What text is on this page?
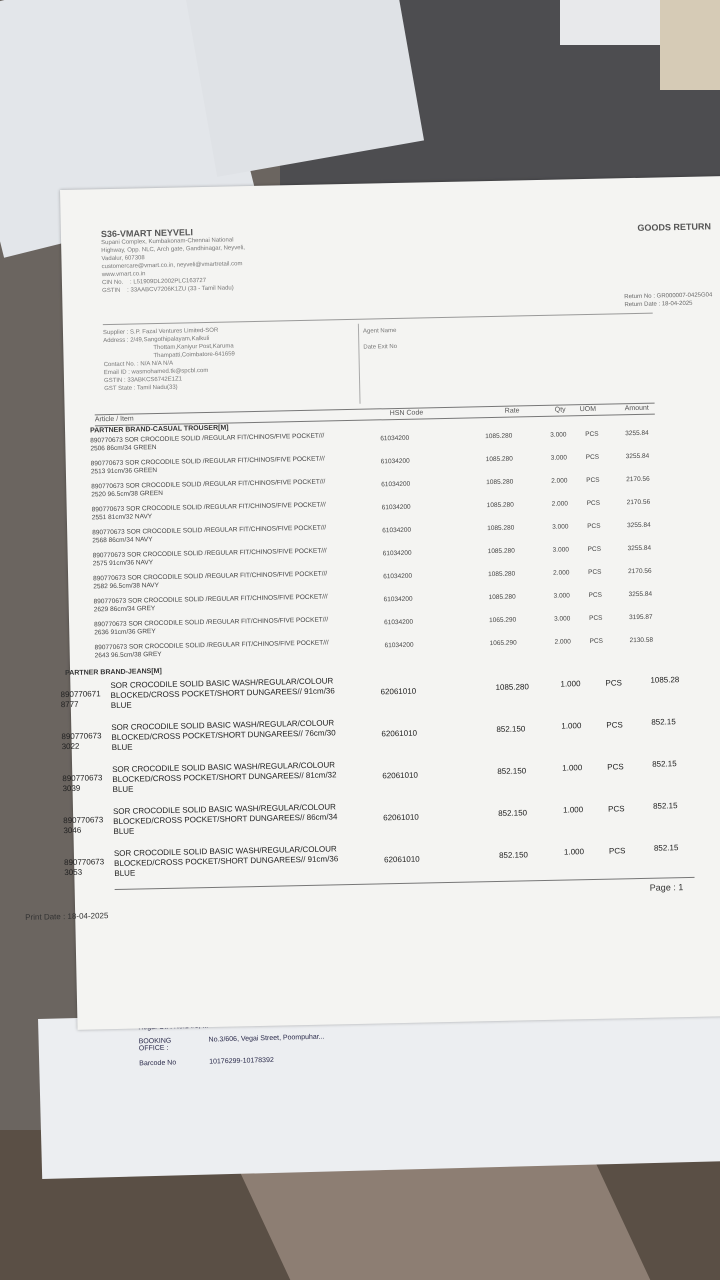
BOOKING OFFICE :
No.3/606, Vegai Street, Poompuhar...
Barcode No	10176299-10178392
S36-VMART NEYVELI
Supani Complex, Kumbakonam-Chennai National
Highway, Opp. NLC, Arch gate, Gandhinagar, Neyveli,
Vadalur, 607308
customercare@vmart.co.in, neyveli@vmartretail.com
www.vmart.co.in
CIN No.    : L51909DL2002PLC163727
GSTIN    : 33AABCV7206K1ZU (33 - Tamil Nadu)
GOODS RETURN
Return No : GR000007-0425G04
Return Date : 18-04-2025
Supplier : S.P. Fazal Ventures Limited-SOR
Address : 2/49,Sangothipalayam,Kalkuli
Thottam,Kaniyur Post,Karuma
Thampatti,Coimbatore-641659
Contact No. : N/A N/A N/A
Email ID : wasmohamed.tk@spcbl.com
GSTIN : 33ABKCS6742E1Z1
GST State : Tamil Nadu(33)
Agent Name
Date Exit No
Article / Item
HSN Code	Rate	Qty UOM	Amount
PARTNER BRAND-CASUAL TROUSER[M]
890770673 SOR CROCODILE SOLID /REGULAR FIT/CHINOS/FIVE POCKET///
2506 86cm/34 GREEN
61034200	1085.280	3.000	PCS	3255.84
890770673 SOR CROCODILE SOLID /REGULAR FIT/CHINOS/FIVE POCKET///
2513 91cm/36 GREEN
61034200	1085.280	3.000	PCS	3255.84
890770673 SOR CROCODILE SOLID /REGULAR FIT/CHINOS/FIVE POCKET///
2520 96.5cm/38 GREEN
61034200	1085.280	2.000	PCS	2170.56
890770673 SOR CROCODILE SOLID /REGULAR FIT/CHINOS/FIVE POCKET///
2551 81cm/32 NAVY
61034200	1085.280	2.000	PCS	2170.56
890770673 SOR CROCODILE SOLID /REGULAR FIT/CHINOS/FIVE POCKET///
2568 86cm/34 NAVY
61034200	1085.280	3.000	PCS	3255.84
890770673 SOR CROCODILE SOLID /REGULAR FIT/CHINOS/FIVE POCKET///
2575 91cm/36 NAVY
61034200	1085.280	3.000	PCS	3255.84
890770673 SOR CROCODILE SOLID /REGULAR FIT/CHINOS/FIVE POCKET///
2582 96.5cm/38 NAVY
61034200	1085.280	2.000	PCS	2170.56
890770673 SOR CROCODILE SOLID /REGULAR FIT/CHINOS/FIVE POCKET///
2629 86cm/34 GREY
61034200	1085.280	3.000	PCS	3255.84
890770673 SOR CROCODILE SOLID /REGULAR FIT/CHINOS/FIVE POCKET///
2636 91cm/36 GREY
61034200	1065.290	3.000	PCS	3195.87
890770673 SOR CROCODILE SOLID /REGULAR FIT/CHINOS/FIVE POCKET///
2643 96.5cm/38 GREY
61034200	1065.290	2.000	PCS	2130.58
PARTNER BRAND-JEANS[M]
890770671
8777
SOR CROCODILE SOLID BASIC WASH/REGULAR/COLOUR
BLOCKED/CROSS POCKET/SHORT DUNGAREES// 91cm/36
BLUE
62061010	1085.280	1.000	PCS	1085.28
890770673
3022
SOR CROCODILE SOLID BASIC WASH/REGULAR/COLOUR
BLOCKED/CROSS POCKET/SHORT DUNGAREES// 76cm/30
BLUE
62061010	852.150	1.000	PCS	852.15
890770673
3039
SOR CROCODILE SOLID BASIC WASH/REGULAR/COLOUR
BLOCKED/CROSS POCKET/SHORT DUNGAREES// 81cm/32
BLUE
62061010	852.150	1.000	PCS	852.15
890770673
3046
SOR CROCODILE SOLID BASIC WASH/REGULAR/COLOUR
BLOCKED/CROSS POCKET/SHORT DUNGAREES// 86cm/34
BLUE
62061010	852.150	1.000	PCS	852.15
890770673
3053
SOR CROCODILE SOLID BASIC WASH/REGULAR/COLOUR
BLOCKED/CROSS POCKET/SHORT DUNGAREES// 91cm/36
BLUE
62061010	852.150	1.000	PCS	852.15
Page : 1
Print Date : 18-04-2025
